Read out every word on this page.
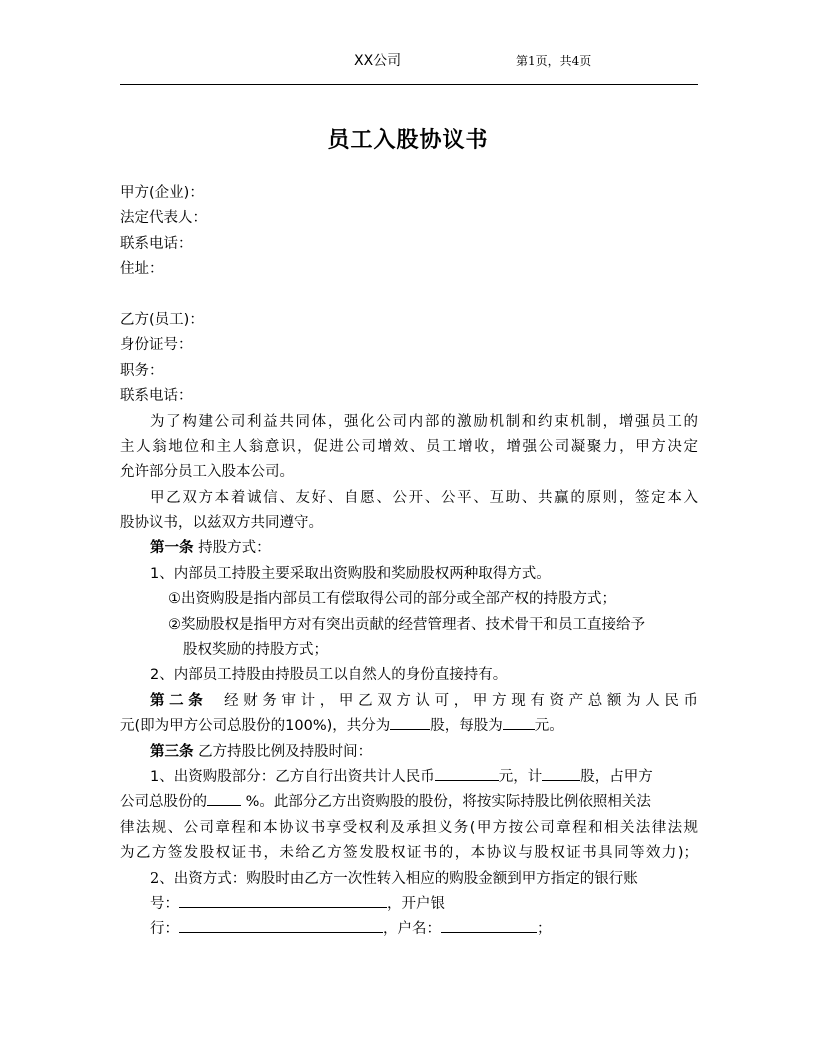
XX公司	第1页，共4页
员工入股协议书
甲方(企业)：
法定代表人：
联系电话：
住址：
乙方(员工)：
身份证号：
职务：
联系电话：
为了构建公司利益共同体，强化公司内部的激励机制和约束机制，增强员工的
主人翁地位和主人翁意识，促进公司增效、员工增收，增强公司凝聚力，甲方决定
允许部分员工入股本公司。
甲乙双方本着诚信、友好、自愿、公开、公平、互助、共赢的原则，签定本入
股协议书，以兹双方共同遵守。
第一条 持股方式：
1、内部员工持股主要采取出资购股和奖励股权两种取得方式。
①出资购股是指内部员工有偿取得公司的部分或全部产权的持股方式；
②奖励股权是指甲方对有突出贡献的经营管理者、技术骨干和员工直接给予
股权奖励的持股方式；
2、内部员工持股由持股员工以自然人的身份直接持有。
第二条 经财务审计，甲乙双方认可，甲方现有资产总额为人民币
元(即为甲方公司总股份的100%)，共分为	股，每股为 元。
第三条 乙方持股比例及持股时间：
1、出资购股部分：乙方自行出资共计人民币	元，计	股，占甲方
公司总股份的 %。此部分乙方出资购股的股份，将按实际持股比例依照相关法
律法规、公司章程和本协议书享受权利及承担义务(甲方按公司章程和相关法律法规
为乙方签发股权证书，未给乙方签发股权证书的，本协议与股权证书具同等效力)；
2、出资方式：购股时由乙方一次性转入相应的购股金额到甲方指定的银行账
号：	，开户银
行：	，户名：	；
